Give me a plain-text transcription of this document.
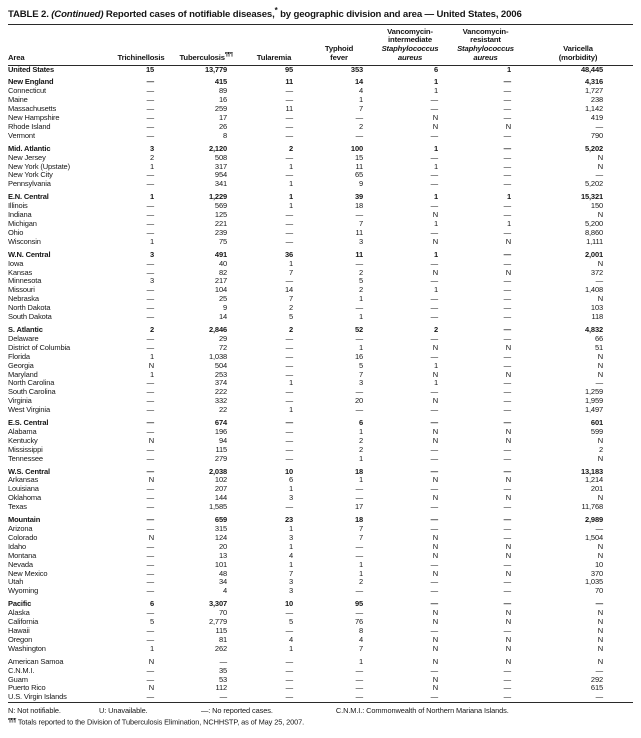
TABLE 2. (Continued) Reported cases of notifiable diseases,* by geographic division and area — United States, 2006
Area	Trichinellosis	Tuberculosis¶¶¶	Tularemia	Typhoid
fever	Vancomycin-
intermediate
Staphylococcus
aureus	Vancomycin-
resistant
Staphylococcus
aureus	Varicella
(morbidity)
United States	15	13,779	95	353	6	1	48,445

New England	—	415	11	14	1	—	4,316
Connecticut	—	89	—	4	1	—	1,727
Maine	—	16	—	1	—	—	238
Massachusetts	—	259	11	7	—	—	1,142
New Hampshire	—	17	—	—	N	—	419
Rhode Island	—	26	—	2	N	N	—
Vermont	—	8	—	—	—	—	790

Mid. Atlantic	3	2,120	2	100	1	—	5,202
New Jersey	2	508	—	15	—	—	N
New York (Upstate)	1	317	1	11	1	—	N
New York City	—	954	—	65	—	—	—
Pennsylvania	—	341	1	9	—	—	5,202

E.N. Central	1	1,229	1	39	1	1	15,321
Illinois	—	569	1	18	—	—	150
Indiana	—	125	—	—	N	—	N
Michigan	—	221	—	7	1	1	5,200
Ohio	—	239	—	11	—	—	8,860
Wisconsin	1	75	—	3	N	N	1,111

W.N. Central	3	491	36	11	1	—	2,001
Iowa	—	40	1	—	—	—	N
Kansas	—	82	7	2	N	N	372
Minnesota	3	217	—	5	—	—	—
Missouri	—	104	14	2	1	—	1,408
Nebraska	—	25	7	1	—	—	N
North Dakota	—	9	2	—	—	—	103
South Dakota	—	14	5	1	—	—	118

S. Atlantic	2	2,846	2	52	2	—	4,832
Delaware	—	29	—	—	—	—	66
District of Columbia	—	72	—	1	N	N	51
Florida	1	1,038	—	16	—	—	N
Georgia	N	504	—	5	1	—	N
Maryland	1	253	—	7	N	N	N
North Carolina	—	374	1	3	1	—	—
South Carolina	—	222	—	—	—	—	1,259
Virginia	—	332	—	20	N	—	1,959
West Virginia	—	22	1	—	—	—	1,497

E.S. Central	—	674	—	6	—	—	601
Alabama	—	196	—	1	N	N	599
Kentucky	N	94	—	2	N	N	N
Mississippi	—	115	—	2	—	—	2
Tennessee	—	279	—	1	—	—	N

W.S. Central	—	2,038	10	18	—	—	13,183
Arkansas	N	102	6	1	N	N	1,214
Louisiana	—	207	1	—	—	—	201
Oklahoma	—	144	3	—	N	N	N
Texas	—	1,585	—	17	—	—	11,768

Mountain	—	659	23	18	—	—	2,989
Arizona	—	315	1	7	—	—	—
Colorado	N	124	3	7	N	—	1,504
Idaho	—	20	1	—	N	N	N
Montana	—	13	4	—	N	N	N
Nevada	—	101	1	1	—	—	10
New Mexico	—	48	7	1	N	N	370
Utah	—	34	3	2	—	—	1,035
Wyoming	—	4	3	—	—	—	70

Pacific	6	3,307	10	95	—	—	—
Alaska	—	70	—	—	N	N	N
California	5	2,779	5	76	N	N	N
Hawaii	—	115	—	8	—	—	N
Oregon	—	81	4	4	N	N	N
Washington	1	262	1	7	N	N	N

American Samoa	N	—	—	1	N	N	N
C.N.M.I.	—	35	—	—	—	—	—
Guam	—	53	—	—	N	—	292
Puerto Rico	N	112	—	—	N	—	615
U.S. Virgin Islands	—	—	—	—	—	—	—
N: Not notifiable.	U: Unavailable.	—: No reported cases.	C.N.M.I.: Commonwealth of Northern Mariana Islands.
¶¶¶ Totals reported to the Division of Tuberculosis Elimination, NCHHSTP, as of May 25, 2007.
